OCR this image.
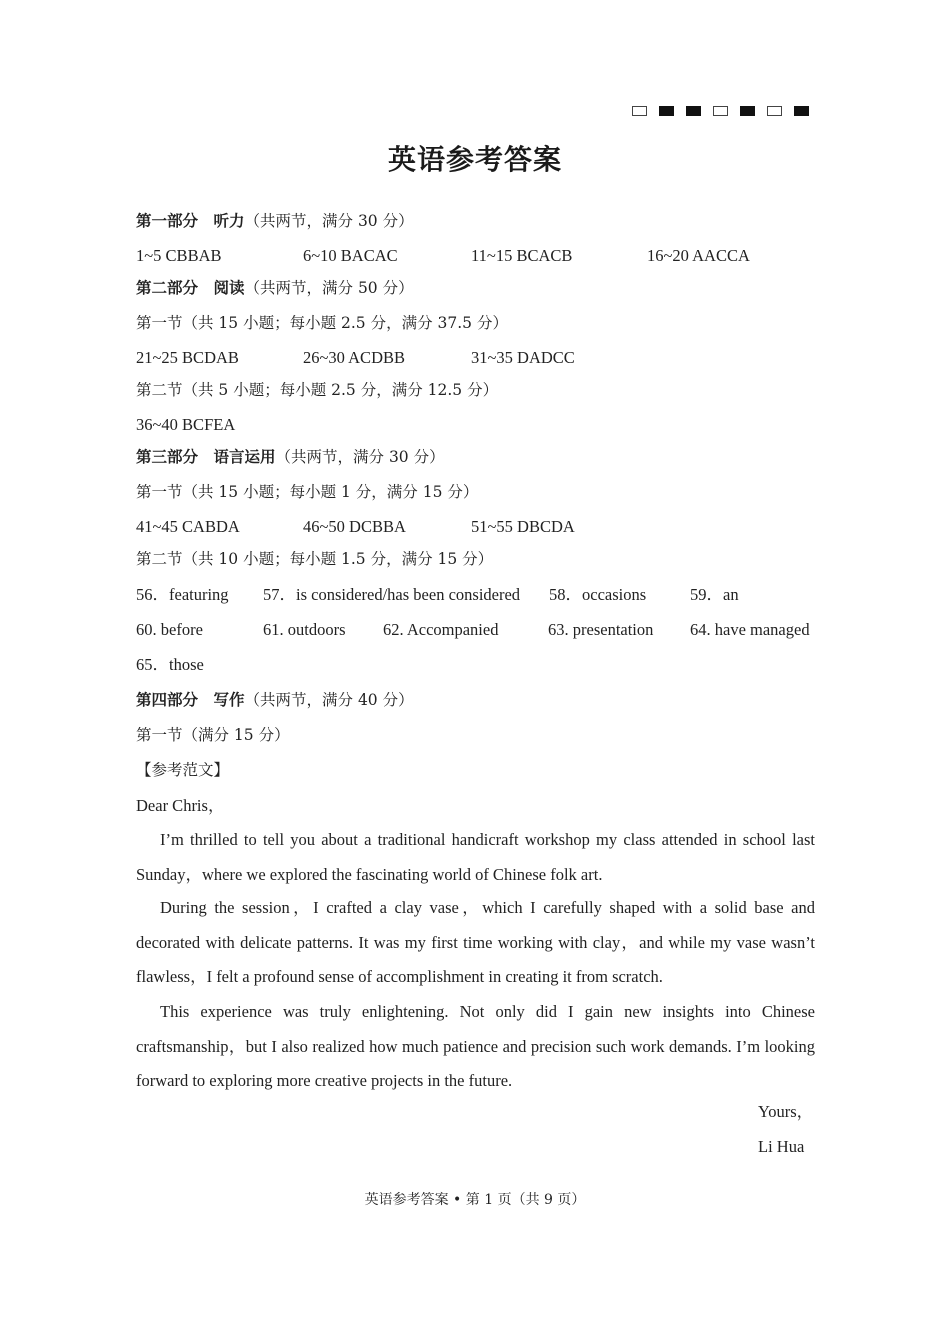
英语参考答案
第一部分　听力（共两节，满分 30 分）
1~5 CBBAB	6~10 BACAC	11~15 BCACB	16~20 AACCA
第二部分　阅读（共两节，满分 50 分）
第一节（共 15 小题；每小题 2.5 分，满分 37.5 分）
21~25 BCDAB	26~30 ACDBB	31~35 DADCC
第二节（共 5 小题；每小题 2.5 分，满分 12.5 分）
36~40 BCFEA
第三部分　语言运用（共两节，满分 30 分）
第一节（共 15 小题；每小题 1 分，满分 15 分）
41~45 CABDA	46~50 DCBBA	51~55 DBCDA
第二节（共 10 小题；每小题 1.5 分，满分 15 分）
56．featuring 57．is considered/has been considered 58．occasions	59．an
60. before	61. outdoors 62. Accompanied	63. presentation 64. have managed
65．those
第四部分　写作（共两节，满分 40 分）
第一节（满分 15 分）
【参考范文】
Dear Chris，
I’m thrilled to tell you about a traditional handicraft workshop my class attended in school last Sunday，where we explored the fascinating world of Chinese folk art.
During the session，I crafted a clay vase，which I carefully shaped with a solid base and decorated with delicate patterns. It was my first time working with clay，and while my vase wasn’t flawless，I felt a profound sense of accomplishment in creating it from scratch.
This experience was truly enlightening. Not only did I gain new insights into Chinese craftsmanship，but I also realized how much patience and precision such work demands. I’m looking forward to exploring more creative projects in the future.
Yours，
Li Hua
英语参考答案 • 第 1 页（共 9 页）
